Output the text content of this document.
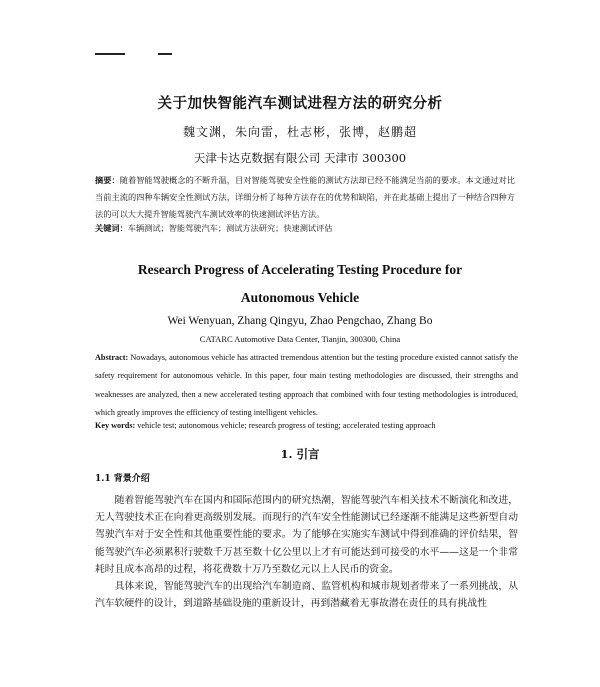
关于加快智能汽车测试进程方法的研究分析
魏文渊，朱向雷，杜志彬，张博，赵鹏超
天津卡达克数据有限公司 天津市 300300
摘要：随着智能驾驶概念的不断升温，目对智能驾驶安全性能的测试方法却已经不能满足当前的要求。本文通过对比当前主流的四种车辆安全性测试方法，详细分析了每种方法存在的优势和缺陷，并在此基础上提出了一种结合四种方法的可以大大提升智能驾驶汽车测试效率的快速测试评估方法。
关键词：车辆测试；智能驾驶汽车；测试方法研究；快速测试评估
Research Progress of Accelerating Testing Procedure for
Autonomous Vehicle
Wei Wenyuan, Zhang Qingyu, Zhao Pengchao, Zhang Bo
CATARC Automotive Data Center, Tianjin, 300300, China
Abstract: Nowadays, autonomous vehicle has attracted tremendous attention but the testing procedure existed cannot satisfy the safety requirement for autonomous vehicle. In this paper, four main testing methodologies are discussed, their strengths and weaknesses are analyzed, then a new accelerated testing approach that combined with four testing methodologies is introduced, which greatly improves the efficiency of testing intelligent vehicles.
Key words: vehicle test; autonomous vehicle; research progress of testing; accelerated testing approach
1. 引言
1.1 背景介绍

随着智能驾驶汽车在国内和国际范围内的研究热潮，智能驾驶汽车相关技术不断演化和改进，无人驾驶技术正在向着更高级别发展。而现行的汽车安全性能测试已经逐渐不能满足这些新型自动驾驶汽车对于安全性和其他重要性能的要求。为了能够在实施实车测试中得到准确的评价结果，智能驾驶汽车必须累积行驶数千万甚至数十亿公里以上才有可能达到可接受的水平——这是一个非常耗时且成本高昂的过程，将花费数十万乃至数亿元以上人民币的资金。

具体来说，智能驾驶汽车的出现给汽车制造商、监管机构和城市规划者带来了一系列挑战，从汽车软硬件的设计，到道路基础设施的重新设计，再到潜藏着无事故潜在责任的具有挑战性
